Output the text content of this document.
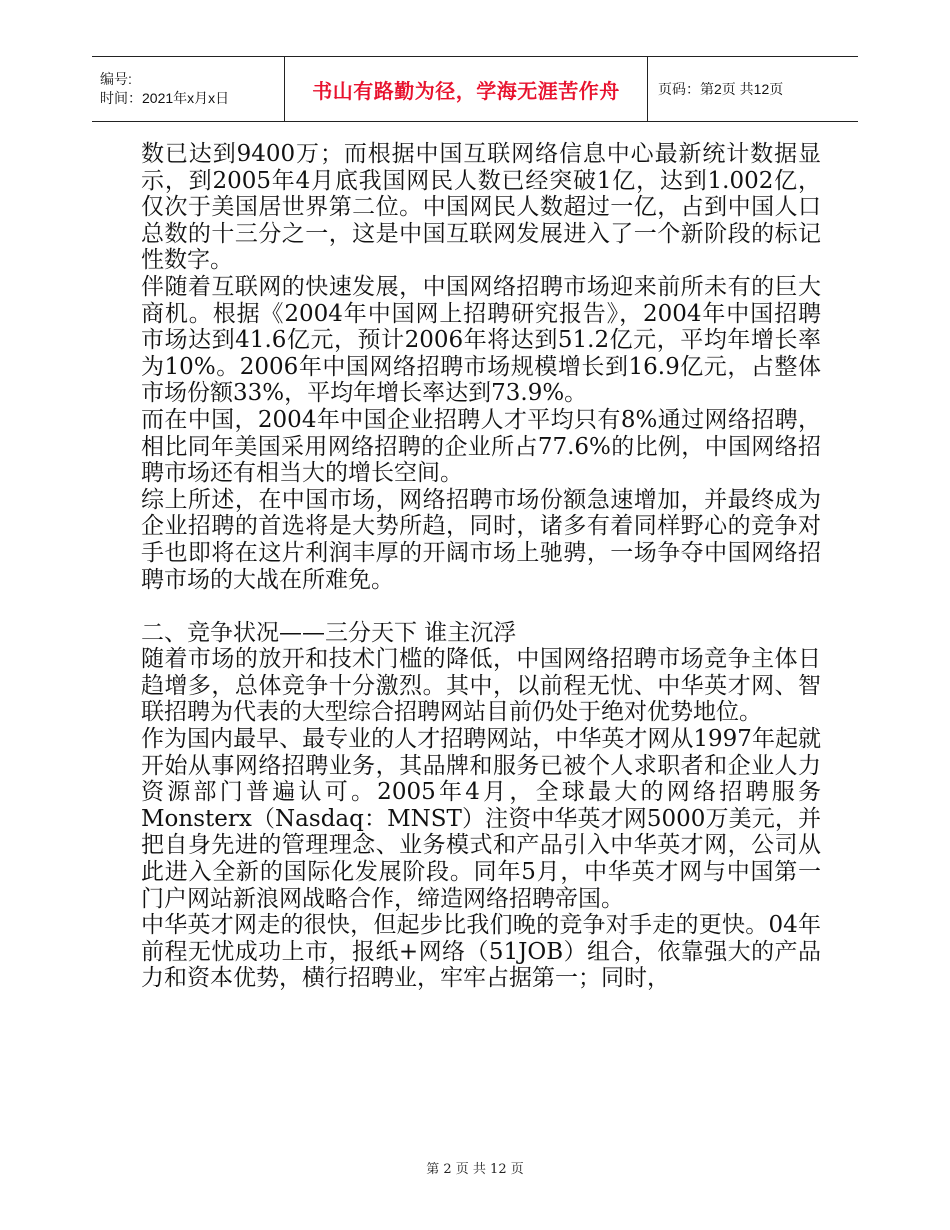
编号:
时间：2021年x月x日	书山有路勤为径，学海无涯苦作舟	页码：第2页 共12页

数已达到9400万；而根据中国互联网络信息中心最新统计数据显示，到2005年4月底我国网民人数已经突破1亿，达到1.002亿，仅次于美国居世界第二位。中国网民人数超过一亿，占到中国人口总数的十三分之一，这是中国互联网发展进入了一个新阶段的标记性数字。

伴随着互联网的快速发展，中国网络招聘市场迎来前所未有的巨大商机。根据《2004年中国网上招聘研究报告》，2004年中国招聘市场达到41.6亿元，预计2006年将达到51.2亿元，平均年增长率为10%。2006年中国网络招聘市场规模增长到16.9亿元，占整体市场份额33%，平均年增长率达到73.9%。

而在中国，2004年中国企业招聘人才平均只有8%通过网络招聘，相比同年美国采用网络招聘的企业所占77.6%的比例，中国网络招聘市场还有相当大的增长空间。

综上所述，在中国市场，网络招聘市场份额急速增加，并最终成为企业招聘的首选将是大势所趋，同时，诸多有着同样野心的竞争对手也即将在这片利润丰厚的开阔市场上驰骋，一场争夺中国网络招聘市场的大战在所难免。

二、竞争状况——三分天下 谁主沉浮

随着市场的放开和技术门槛的降低，中国网络招聘市场竞争主体日趋增多，总体竞争十分激烈。其中，以前程无忧、中华英才网、智联招聘为代表的大型综合招聘网站目前仍处于绝对优势地位。

作为国内最早、最专业的人才招聘网站，中华英才网从1997年起就开始从事网络招聘业务，其品牌和服务已被个人求职者和企业人力资源部门普遍认可。2005年4月，全球最大的网络招聘服务Monsterx（Nasdaq：MNST）注资中华英才网5000万美元，并把自身先进的管理理念、业务模式和产品引入中华英才网，公司从此进入全新的国际化发展阶段。同年5月，中华英才网与中国第一门户网站新浪网战略合作，缔造网络招聘帝国。

中华英才网走的很快，但起步比我们晚的竞争对手走的更快。04年前程无忧成功上市，报纸+网络（51JOB）组合，依靠强大的产品力和资本优势，横行招聘业，牢牢占据第一；同时，

第 2 页 共 12 页
